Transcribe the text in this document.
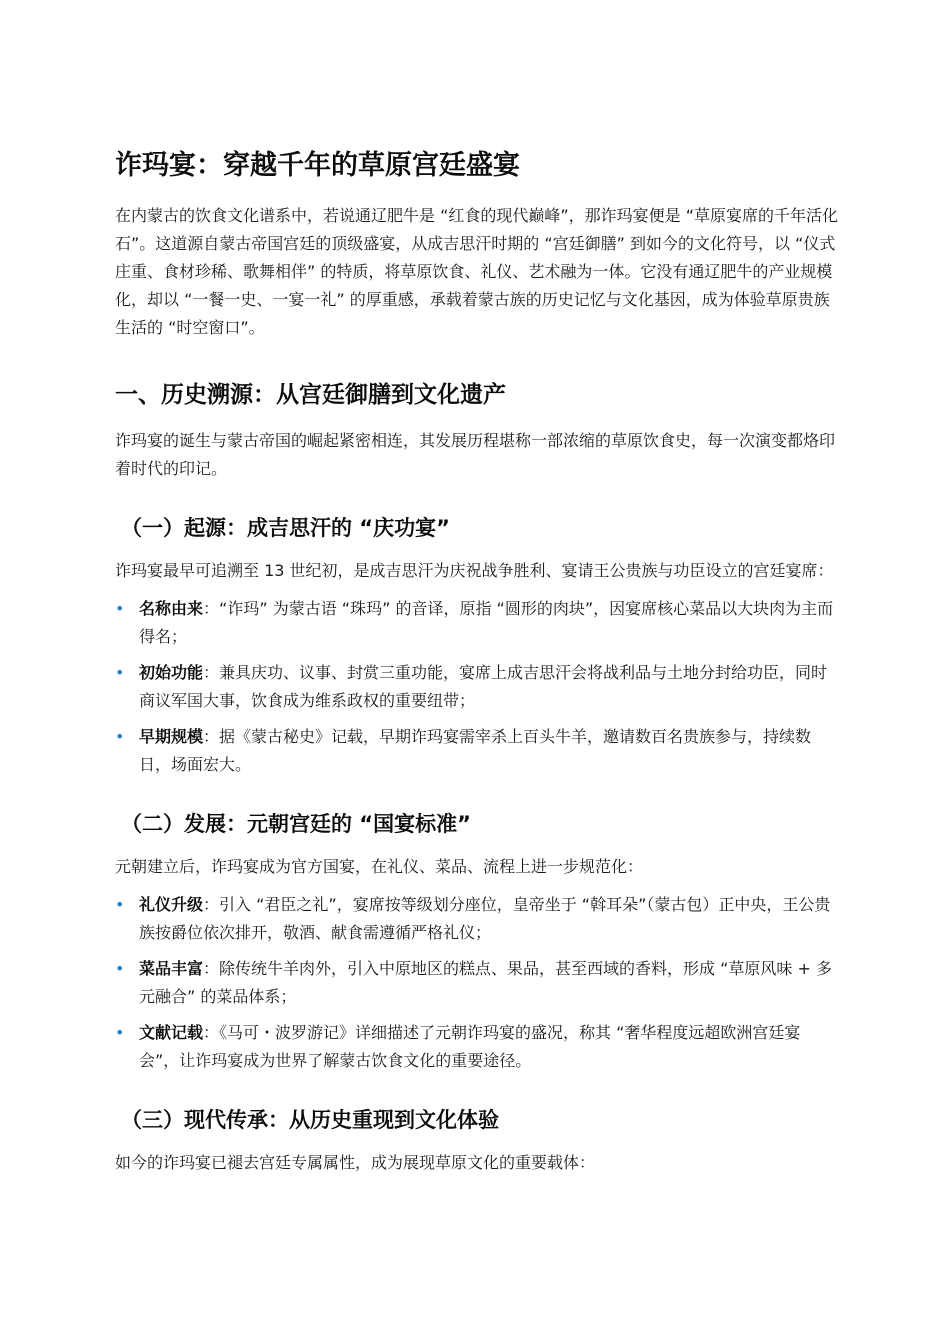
诈玛宴：穿越千年的草原宫廷盛宴

在内蒙古的饮食文化谱系中，若说通辽肥牛是 “红食的现代巅峰”，那诈玛宴便是 “草原宴席的千年活化石”。这道源自蒙古帝国宫廷的顶级盛宴，从成吉思汗时期的 “宫廷御膳” 到如今的文化符号，以 “仪式庄重、食材珍稀、歌舞相伴” 的特质，将草原饮食、礼仪、艺术融为一体。它没有通辽肥牛的产业规模化，却以 “一餐一史、一宴一礼” 的厚重感，承载着蒙古族的历史记忆与文化基因，成为体验草原贵族生活的 “时空窗口”。

一、历史溯源：从宫廷御膳到文化遗产

诈玛宴的诞生与蒙古帝国的崛起紧密相连，其发展历程堪称一部浓缩的草原饮食史，每一次演变都烙印着时代的印记。

（一）起源：成吉思汗的 “庆功宴”

诈玛宴最早可追溯至 13 世纪初，是成吉思汗为庆祝战争胜利、宴请王公贵族与功臣设立的宫廷宴席：

• 名称由来：“诈玛” 为蒙古语 “珠玛” 的音译，原指 “圆形的肉块”，因宴席核心菜品以大块肉为主而得名；
• 初始功能：兼具庆功、议事、封赏三重功能，宴席上成吉思汗会将战利品与土地分封给功臣，同时商议军国大事，饮食成为维系政权的重要纽带；
• 早期规模：据《蒙古秘史》记载，早期诈玛宴需宰杀上百头牛羊，邀请数百名贵族参与，持续数日，场面宏大。
（二）发展：元朝宫廷的 “国宴标准”

元朝建立后，诈玛宴成为官方国宴，在礼仪、菜品、流程上进一步规范化：

• 礼仪升级：引入 “君臣之礼”，宴席按等级划分座位，皇帝坐于 “斡耳朵”（蒙古包）正中央，王公贵族按爵位依次排开，敬酒、献食需遵循严格礼仪；
• 菜品丰富：除传统牛羊肉外，引入中原地区的糕点、果品，甚至西域的香料，形成 “草原风味 + 多元融合” 的菜品体系；
• 文献记载：《马可・波罗游记》详细描述了元朝诈玛宴的盛况，称其 “奢华程度远超欧洲宫廷宴会”，让诈玛宴成为世界了解蒙古饮食文化的重要途径。
（三）现代传承：从历史重现到文化体验

如今的诈玛宴已褪去宫廷专属属性，成为展现草原文化的重要载体：
